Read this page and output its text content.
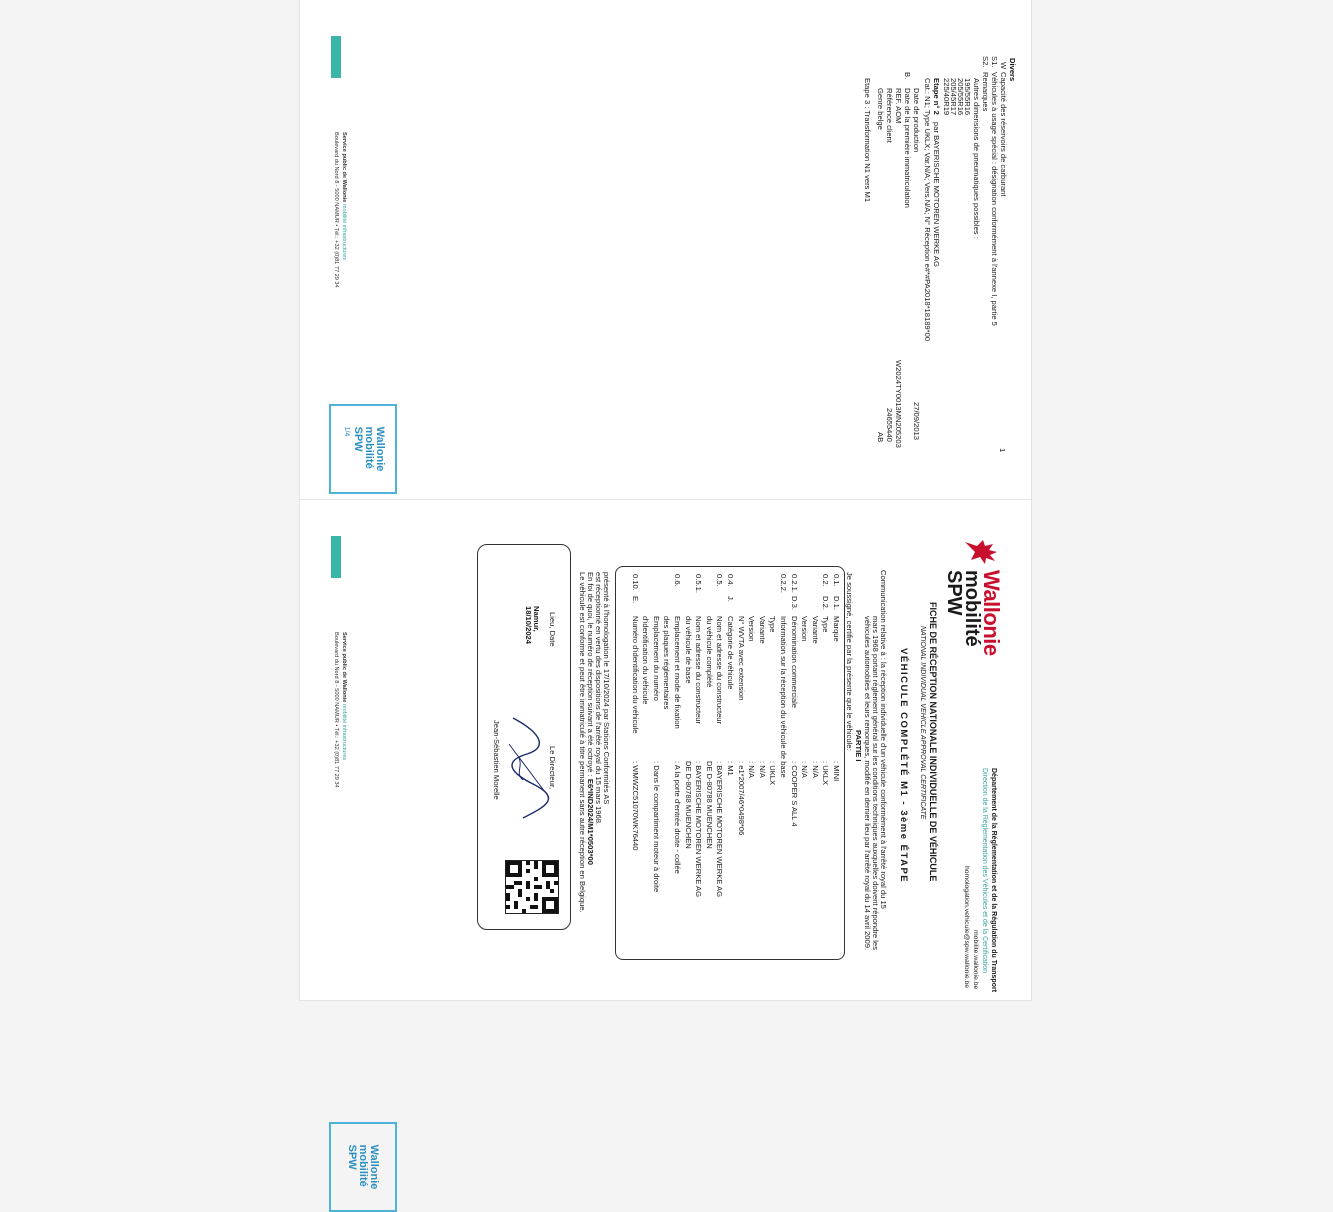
Divers
W
Capacité des réservoirs de carburant
S1.
Véhicules à usage spécial : désignation conformément à l'annexe I, partie 5
S2.
Remarques
Autres dimensions de pneumatiques possibles :
195/55R16
205/55R16
205/45R17
225/40R19
Etape n° 2
par BAYERISCHE MOTOREN WERKE AG
Cat.: N1; Type UKLX; Var.N/A; Vers.N/A; N° Réception e#*#PA2018*18189*00
Date de production
27/09/2013
B.
Date de la première immatriculation
REF. AOM
W2024TY0013MN205203
Référence client
24655440
Genre belge
AB
Etape 3 : Transformation N1 vers M1
1
Wallonie
mobilité
SPW
1/4
Service public de Wallonie mobilité infrastructures
Boulevard du Nord 8 - 5000 NAMUR • Tél.: +32 (0)81 77 29 34
Wallonie
mobilité
SPW
Département de la Réglementation et de la Régulation du Transport
Direction de la Réglementation des Véhicules et de la Certification
mobilite.wallonie.be
homologation.vehicule@spw.wallonie.be
FICHE DE RÉCEPTION NATIONALE INDIVIDUELLE DE VÉHICULE
NATIONAL INDIVIDUAL VEHICLE APPROVAL CERTIFICATE
VÉHICULE COMPLÉTÉ M1 - 3ème ÉTAPE
Communication relative à : la réception individuelle d'un véhicule conformément à l'arrêté royal du 15
mars 1968 portant règlement général sur les conditions techniques auxquelles doivent répondre les
véhicules automobiles et leurs remorques, modifié en dernier lieu par l'arrêté royal du 14 avril 2009.
PARTIE I
Je soussigné, certifie par la présente que le véhicule:
0.1.
D.1.
Marque
: MINI
0.2.
D.2.
Type
: UKLX
Variante
: N/A
Version
: N/A
0.2.1.
D.3.
Dénomination commerciale
: COOPER S ALL 4
0.2.2.
Information sur la réception du véhicule de base
Type
: UKLX
Variante
: N/A
Version
: N/A
N° WVTA avec extension
: e1*2007/46*0498*06
0.4.
J.
Catégorie de véhicule
: M1
0.5.
Nom et adresse du constructeur
: BAYERISCHE MOTOREN WERKE AG
du véhicule complété
DE D-80788 MUENCHEN
0.5.1.
Nom et adresse du constructeur
: BAYERISCHE MOTOREN WERKE AG
du véhicule de base
DE D-80788 MUENCHEN
0.6.
Emplacement et mode de fixation
: A la porte d'entrée droite - collée
des plaques réglementaires
Emplacement du numéro
: Dans le compartiment moteur à droite
d'identification du véhicule
0.10.
E.
Numéro d'identification du véhicule
: WMWZC51070WK76440
présenté à l'homologation le 17/10/2024 par Stations Conformités AS
est réceptionné en vertu des dispositions de l'arrêté royal du 15 mars 1968.
En foi de quoi, le numéro de réception suivant a été octroyé : E6*IND2024/M1*0503*00
Le véhicule est conforme et peut être immatriculé à titre permanent sans autre réception en Belgique.
Lieu, Date
Namur,
18/10/2024
Le Directeur,
Jean-Sébastien Morelle
Wallonie
mobilité
SPW
Service public de Wallonie mobilité infrastructures
Boulevard du Nord 8 - 5000 NAMUR • Tél.: +32 (0)81 77 29 34
